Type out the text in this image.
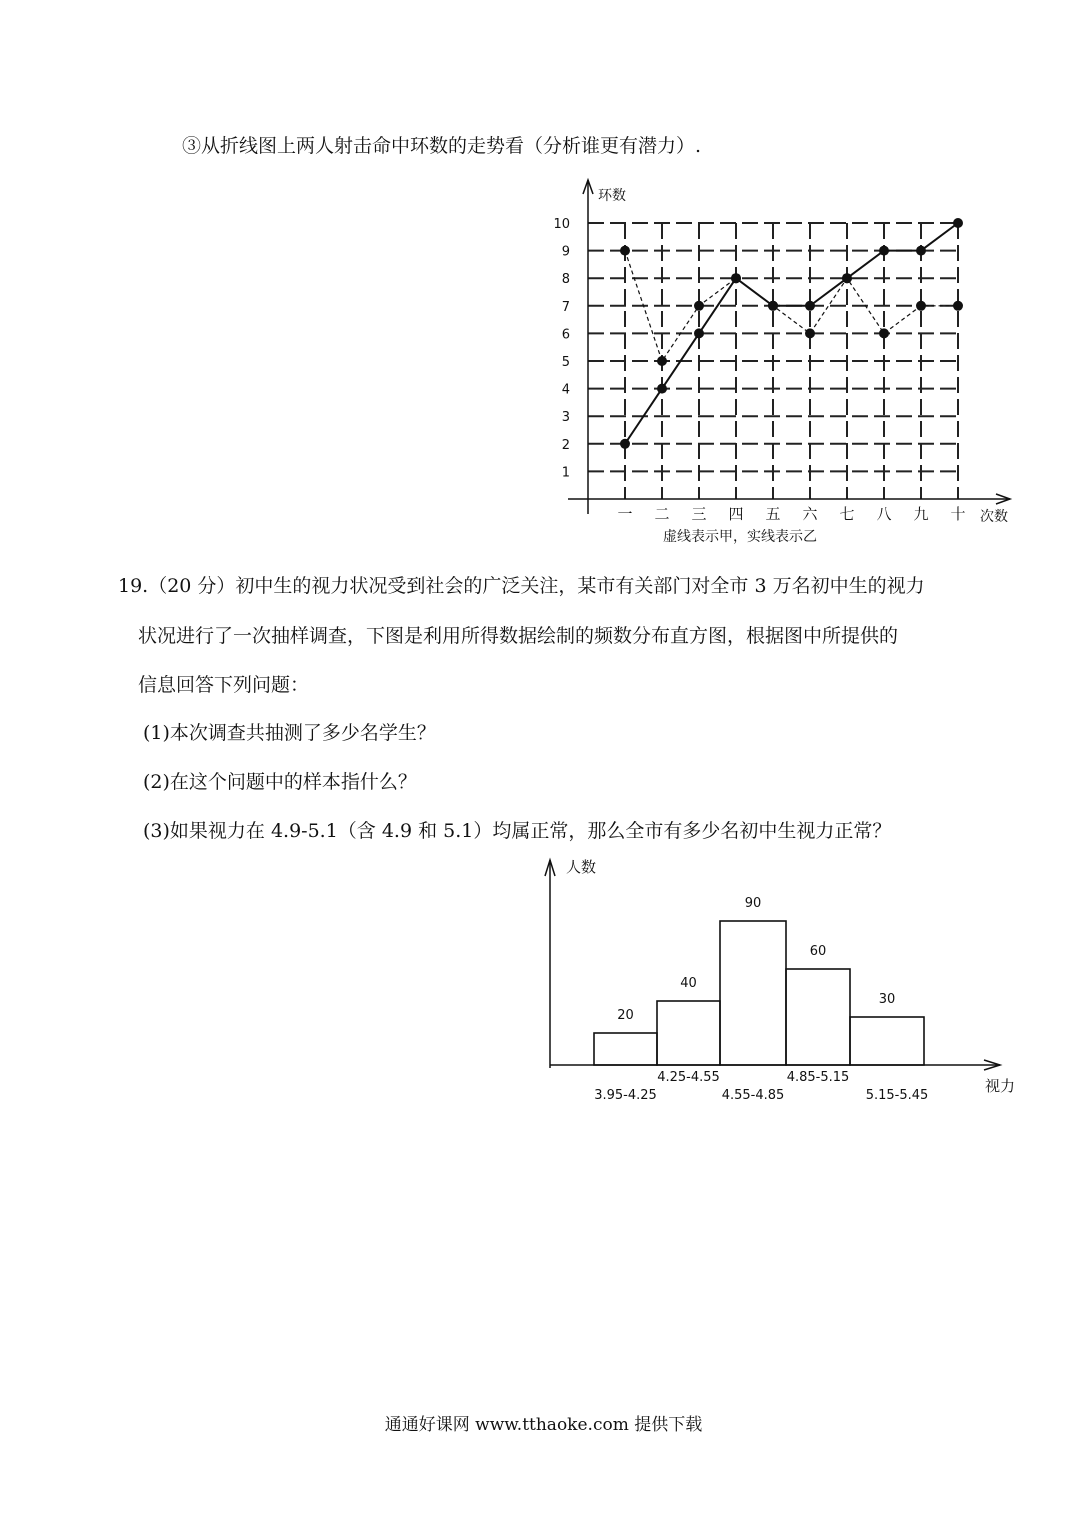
③从折线图上两人射击命中环数的走势看（分析谁更有潜力）.
1
2
3
4
5
6
7
8
9
10
一 二 三 四 五 六 七 八 九 十
环数
次数
虚线表示甲，实线表示乙
19.（20 分）初中生的视力状况受到社会的广泛关注，某市有关部门对全市 3 万名初中生的视力
状况进行了一次抽样调查，下图是利用所得数据绘制的频数分布直方图，根据图中所提供的
信息回答下列问题：
(1)本次调查共抽测了多少名学生？
(2)在这个问题中的样本指什么？
(3)如果视力在 4.9-5.1（含 4.9 和 5.1）均属正常，那么全市有多少名初中生视力正常？
人数
视力
20
3.95-4.25
40
4.25-4.55
90
4.55-4.85
60
4.85-5.15
30
5.15-5.45
通通好课网 www.tthaoke.com 提供下载
